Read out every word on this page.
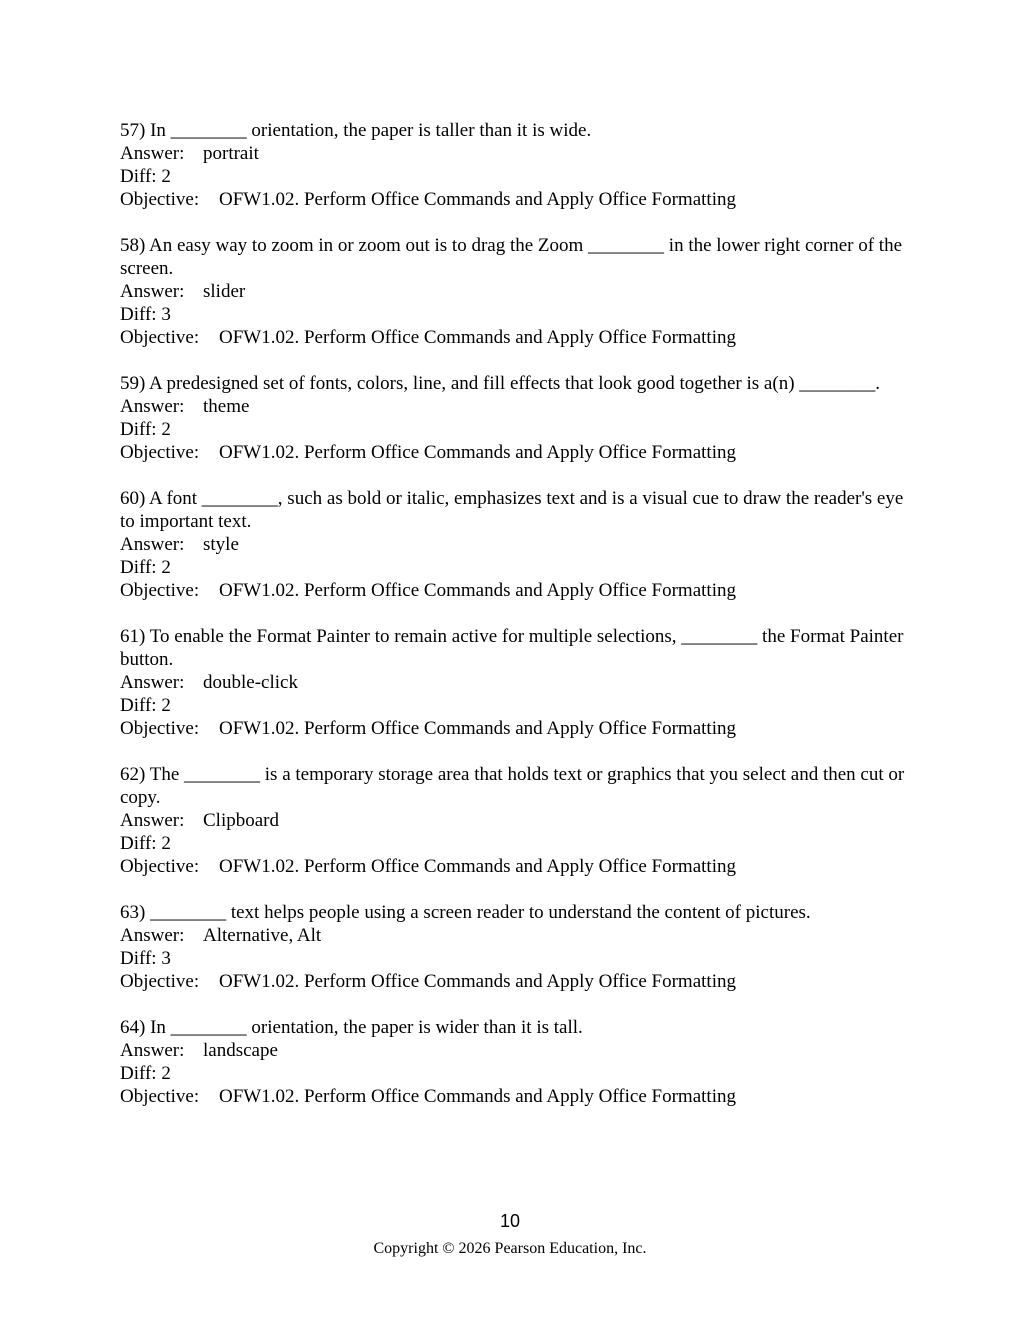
57) In ________ orientation, the paper is taller than it is wide.
Answer: portrait
Diff: 2
Objective: OFW1.02. Perform Office Commands and Apply Office Formatting
58) An easy way to zoom in or zoom out is to drag the Zoom ________ in the lower right corner of the screen.
Answer: slider
Diff: 3
Objective: OFW1.02. Perform Office Commands and Apply Office Formatting
59) A predesigned set of fonts, colors, line, and fill effects that look good together is a(n) ________.
Answer: theme
Diff: 2
Objective: OFW1.02. Perform Office Commands and Apply Office Formatting
60) A font ________, such as bold or italic, emphasizes text and is a visual cue to draw the reader's eye to important text.
Answer: style
Diff: 2
Objective: OFW1.02. Perform Office Commands and Apply Office Formatting
61) To enable the Format Painter to remain active for multiple selections, ________ the Format Painter button.
Answer: double-click
Diff: 2
Objective: OFW1.02. Perform Office Commands and Apply Office Formatting
62) The ________ is a temporary storage area that holds text or graphics that you select and then cut or copy.
Answer: Clipboard
Diff: 2
Objective: OFW1.02. Perform Office Commands and Apply Office Formatting
63) ________ text helps people using a screen reader to understand the content of pictures.
Answer: Alternative, Alt
Diff: 3
Objective: OFW1.02. Perform Office Commands and Apply Office Formatting
64) In ________ orientation, the paper is wider than it is tall.
Answer: landscape
Diff: 2
Objective: OFW1.02. Perform Office Commands and Apply Office Formatting
10
Copyright © 2026 Pearson Education, Inc.
